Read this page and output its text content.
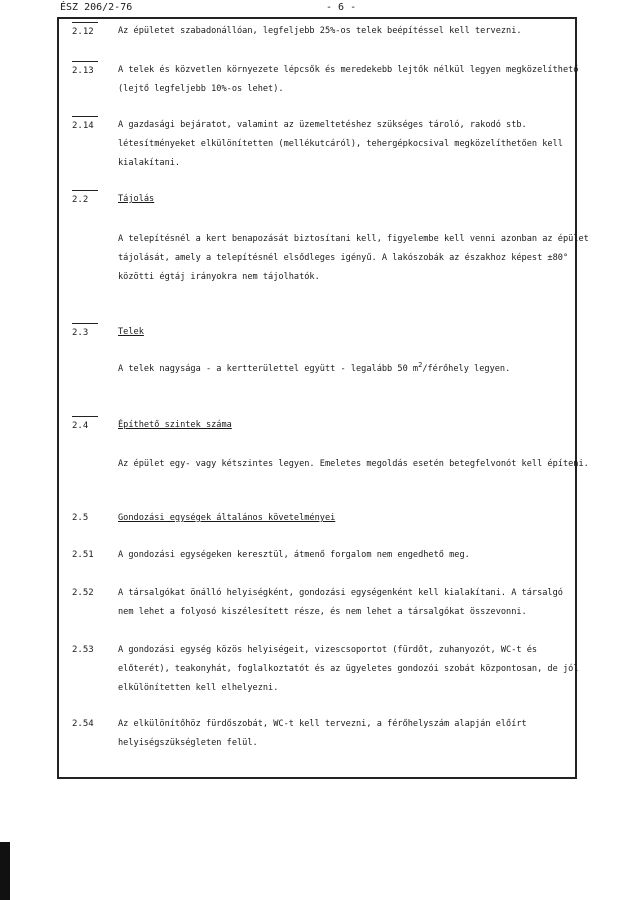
ÉSZ 206/2-76	- 6 -
2.12	Az épületet szabadonállóan, legfeljebb 25%-os telek beépítéssel kell tervezni.
2.13	A telek és közvetlen környezete lépcsők és meredekebb lejtők nélkül legyen megközelíthető (lejtő legfeljebb 10%-os lehet).
2.14	A gazdasági bejáratot, valamint az üzemeltetéshez szükséges tároló, rakodó stb. létesítményeket elkülönítetten (mellékutcáról), tehergépkocsival megközelíthetően kell kialakítani.
2.2	Tájolás
A telepítésnél a kert benapozását biztosítani kell, figyelembe kell venni azonban az épület tájolását, amely a telepítésnél elsődleges igényű. A lakószobák az északhoz képest ±80° közötti égtáj irányokra nem tájolhatók.
2.3	Telek
A telek nagysága - a kertterülettel együtt - legalább 50 $m^2$/férőhely legyen.
2.4	Építhető szintek száma
Az épület egy- vagy kétszintes legyen. Emeletes megoldás esetén betegfelvonót kell építeni.
2.5	Gondozási egységek általános követelményei
2.51	A gondozási egységeken keresztül, átmenő forgalom nem engedhető meg.
2.52	A társalgókat önálló helyiségként, gondozási egységenként kell kialakítani. A társalgó nem lehet a folyosó kiszélesített része, és nem lehet a társalgókat összevonni.
2.53	A gondozási egység közös helyiségeit, vizescsoportot (fürdőt, zuhanyozót, WC-t és előterét), teakonyhát, foglalkoztatót és az ügyeletes gondozói szobát központosan, de jól elkülönítetten kell elhelyezni.
2.54	Az elkülönítőhöz fürdőszobát, WC-t kell tervezni, a férőhelyszám alapján előírt helyiségszükségleten felül.
